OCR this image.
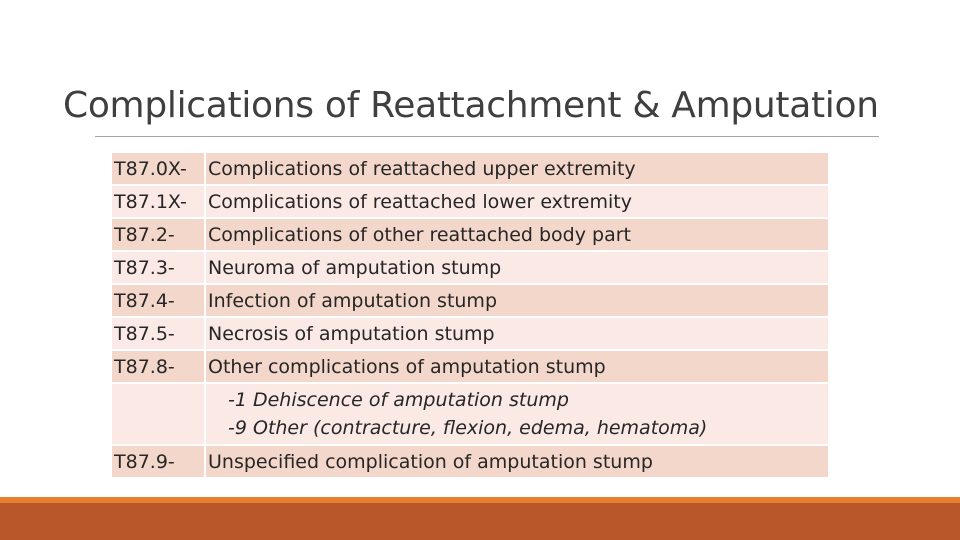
Complications of Reattachment & Amputation
T87.0X-	Complications of reattached upper extremity
T87.1X-	Complications of reattached lower extremity
T87.2-	Complications of other reattached body part
T87.3-	Neuroma of amputation stump
T87.4-	Infection of amputation stump
T87.5-	Necrosis of amputation stump
T87.8-	Other complications of amputation stump

	-1 Dehiscence of amputation stump
-9 Other (contracture, flexion, edema, hematoma)

T87.9-	Unspecified complication of amputation stump
